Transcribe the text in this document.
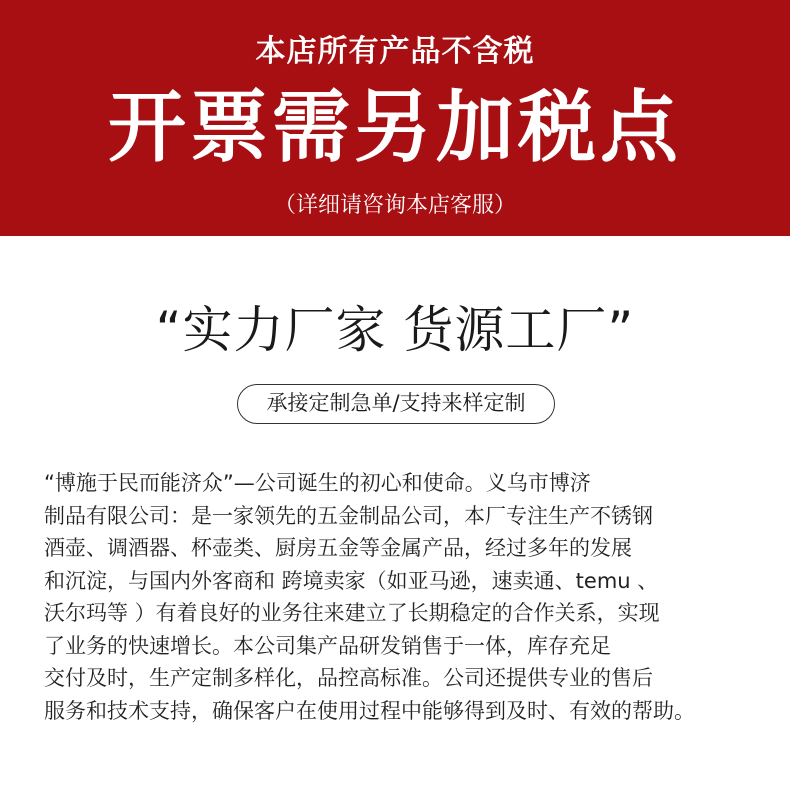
本店所有产品不含税
开票需另加税点
（详细请咨询本店客服）
“实力厂家 货源工厂”
承接定制急单/支持来样定制
“博施于民而能济众”—公司诞生的初心和使命。义乌市博济
制品有限公司：是一家领先的五金制品公司，本厂专注生产不锈钢
酒壶、调酒器、杯壶类、厨房五金等金属产品，经过多年的发展
和沉淀，与国内外客商和 跨境卖家（如亚马逊，速卖通、temu 、
沃尔玛等 ）有着良好的业务往来建立了长期稳定的合作关系，实现
了业务的快速增长。本公司集产品研发销售于一体，库存充足
交付及时，生产定制多样化，品控高标准。公司还提供专业的售后
服务和技术支持，确保客户在使用过程中能够得到及时、有效的帮助。
